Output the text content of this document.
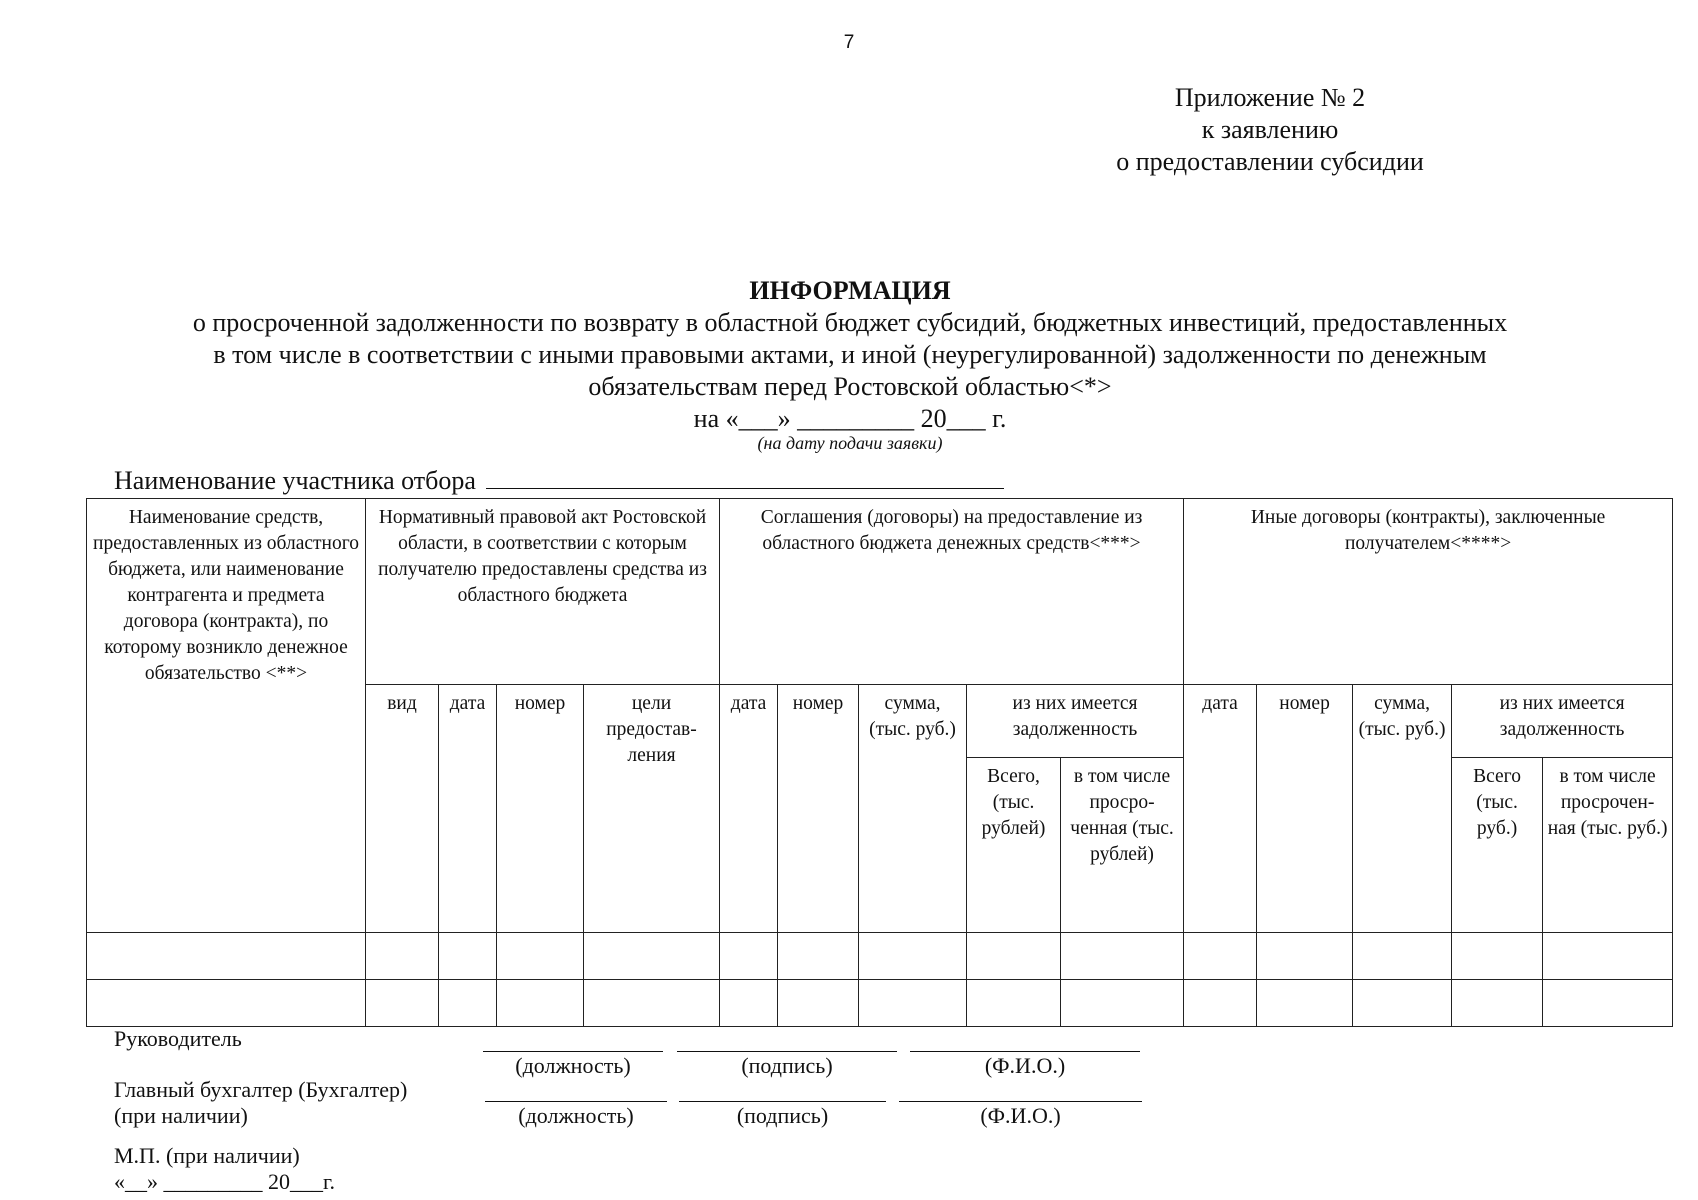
7
Приложение № 2
к заявлению
о предоставлении субсидии
ИНФОРМАЦИЯ
о просроченной задолженности по возврату в областной бюджет субсидий, бюджетных инвестиций, предоставленных
в том числе в соответствии с иными правовыми актами, и иной (неурегулированной) задолженности по денежным
обязательствам перед Ростовской областью<*>
на «___» _________ 20___ г.
(на дату подачи заявки)
Наименование участника отбора
Наименование средств, предоставленных из областного бюджета, или наименование контрагента и предмета договора (контракта), по которому возникло денежное обязательство <**>	Нормативный правовой акт Ростовской области, в соответствии с которым получателю предоставлены средства из областного бюджета				Соглашения (договоры) на предоставление из областного бюджета денежных средств<***>					Иные договоры (контракты), заключенные получателем<****>				
	вид	дата	номер	цели предостав-ления	дата	номер	сумма, (тыс. руб.)	из них имеется задолженность		дата	номер	сумма, (тыс. руб.)	из них имеется задолженность	
								Всего, (тыс. рублей)	в том числе просро-ченная (тыс. рублей)				Всего (тыс. руб.)	в том числе просрочен-ная (тыс. руб.)

Руководитель
(должность)	(подпись)	(Ф.И.О.)
Главный бухгалтер (Бухгалтер)
(при наличии)	(должность)	(подпись)	(Ф.И.О.)
М.П. (при наличии)
«__» _________ 20___г.
